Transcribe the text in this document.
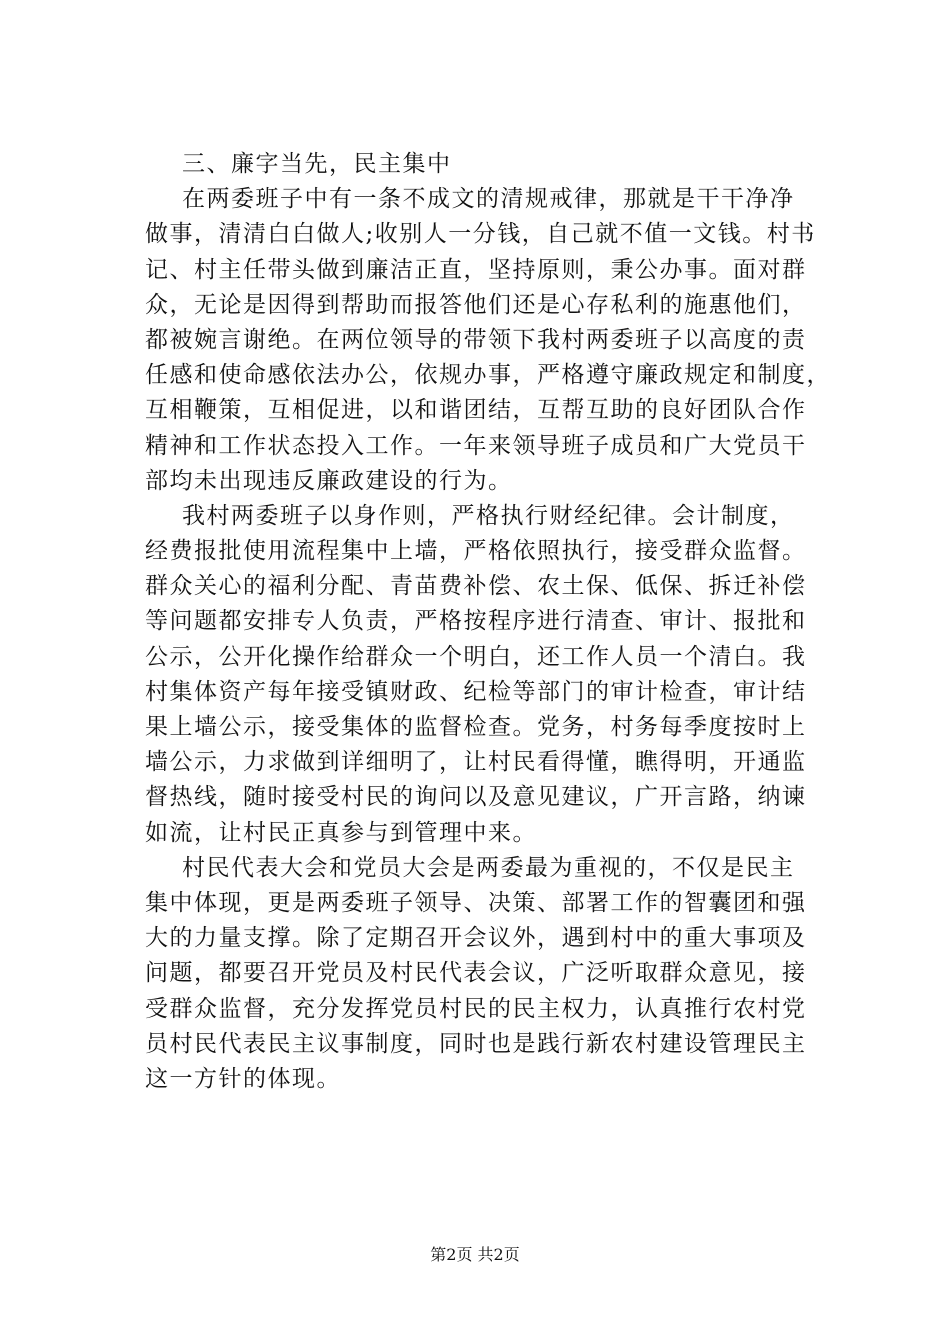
三、廉字当先，民主集中
在两委班子中有一条不成文的清规戒律，那就是干干净净
做事，清清白白做人;收别人一分钱，自己就不值一文钱。村书
记、村主任带头做到廉洁正直，坚持原则，秉公办事。面对群
众，无论是因得到帮助而报答他们还是心存私利的施惠他们，
都被婉言谢绝。在两位领导的带领下我村两委班子以高度的责
任感和使命感依法办公，依规办事，严格遵守廉政规定和制度，
互相鞭策，互相促进，以和谐团结，互帮互助的良好团队合作
精神和工作状态投入工作。一年来领导班子成员和广大党员干
部均未出现违反廉政建设的行为。
我村两委班子以身作则，严格执行财经纪律。会计制度，
经费报批使用流程集中上墙，严格依照执行，接受群众监督。
群众关心的福利分配、青苗费补偿、农土保、低保、拆迁补偿
等问题都安排专人负责，严格按程序进行清查、审计、报批和
公示，公开化操作给群众一个明白，还工作人员一个清白。我
村集体资产每年接受镇财政、纪检等部门的审计检查，审计结
果上墙公示，接受集体的监督检查。党务，村务每季度按时上
墙公示，力求做到详细明了，让村民看得懂，瞧得明，开通监
督热线，随时接受村民的询问以及意见建议，广开言路，纳谏
如流，让村民正真参与到管理中来。
村民代表大会和党员大会是两委最为重视的，不仅是民主
集中体现，更是两委班子领导、决策、部署工作的智囊团和强
大的力量支撑。除了定期召开会议外，遇到村中的重大事项及
问题，都要召开党员及村民代表会议，广泛听取群众意见，接
受群众监督，充分发挥党员村民的民主权力，认真推行农村党
员村民代表民主议事制度，同时也是践行新农村建设管理民主
这一方针的体现。
第2页 共2页
